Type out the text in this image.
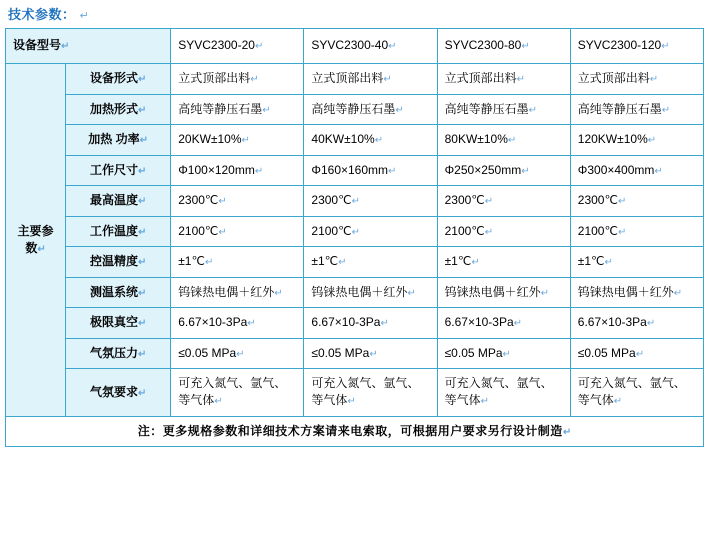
技术参数： ↵
设备型号↵		SYVC2300-20↵	SYVC2300-40↵	SYVC2300-80↵	SYVC2300-120↵
主要参数↵	设备形式↵	立式顶部出料↵	立式顶部出料↵	立式顶部出料↵	立式顶部出料↵
	加热形式↵	高纯等静压石墨↵	高纯等静压石墨↵	高纯等静压石墨↵	高纯等静压石墨↵
	加热 功率↵	20KW±10%↵	40KW±10%↵	80KW±10%↵	120KW±10%↵
	工作尺寸↵	Φ100×120mm↵	Φ160×160mm↵	Φ250×250mm↵	Φ300×400mm↵
	最高温度↵	2300℃↵	2300℃↵	2300℃↵	2300℃↵
	工作温度↵	2100℃↵	2100℃↵	2100℃↵	2100℃↵
	控温精度↵	±1℃↵	±1℃↵	±1℃↵	±1℃↵
	测温系统↵	钨铼热电偶＋红外↵	钨铼热电偶＋红外↵	钨铼热电偶＋红外↵	钨铼热电偶＋红外↵
	极限真空↵	6.67×10-3Pa↵	6.67×10-3Pa↵	6.67×10-3Pa↵	6.67×10-3Pa↵
	气氛压力↵	≤0.05 MPa↵	≤0.05 MPa↵	≤0.05 MPa↵	≤0.05 MPa↵
	气氛要求↵	可充入氮气、氩气、等气体↵	可充入氮气、氩气、等气体↵	可充入氮气、氩气、等气体↵	可充入氮气、氩气、等气体↵
注：更多规格参数和详细技术方案请来电索取，可根据用户要求另行设计制造↵					
